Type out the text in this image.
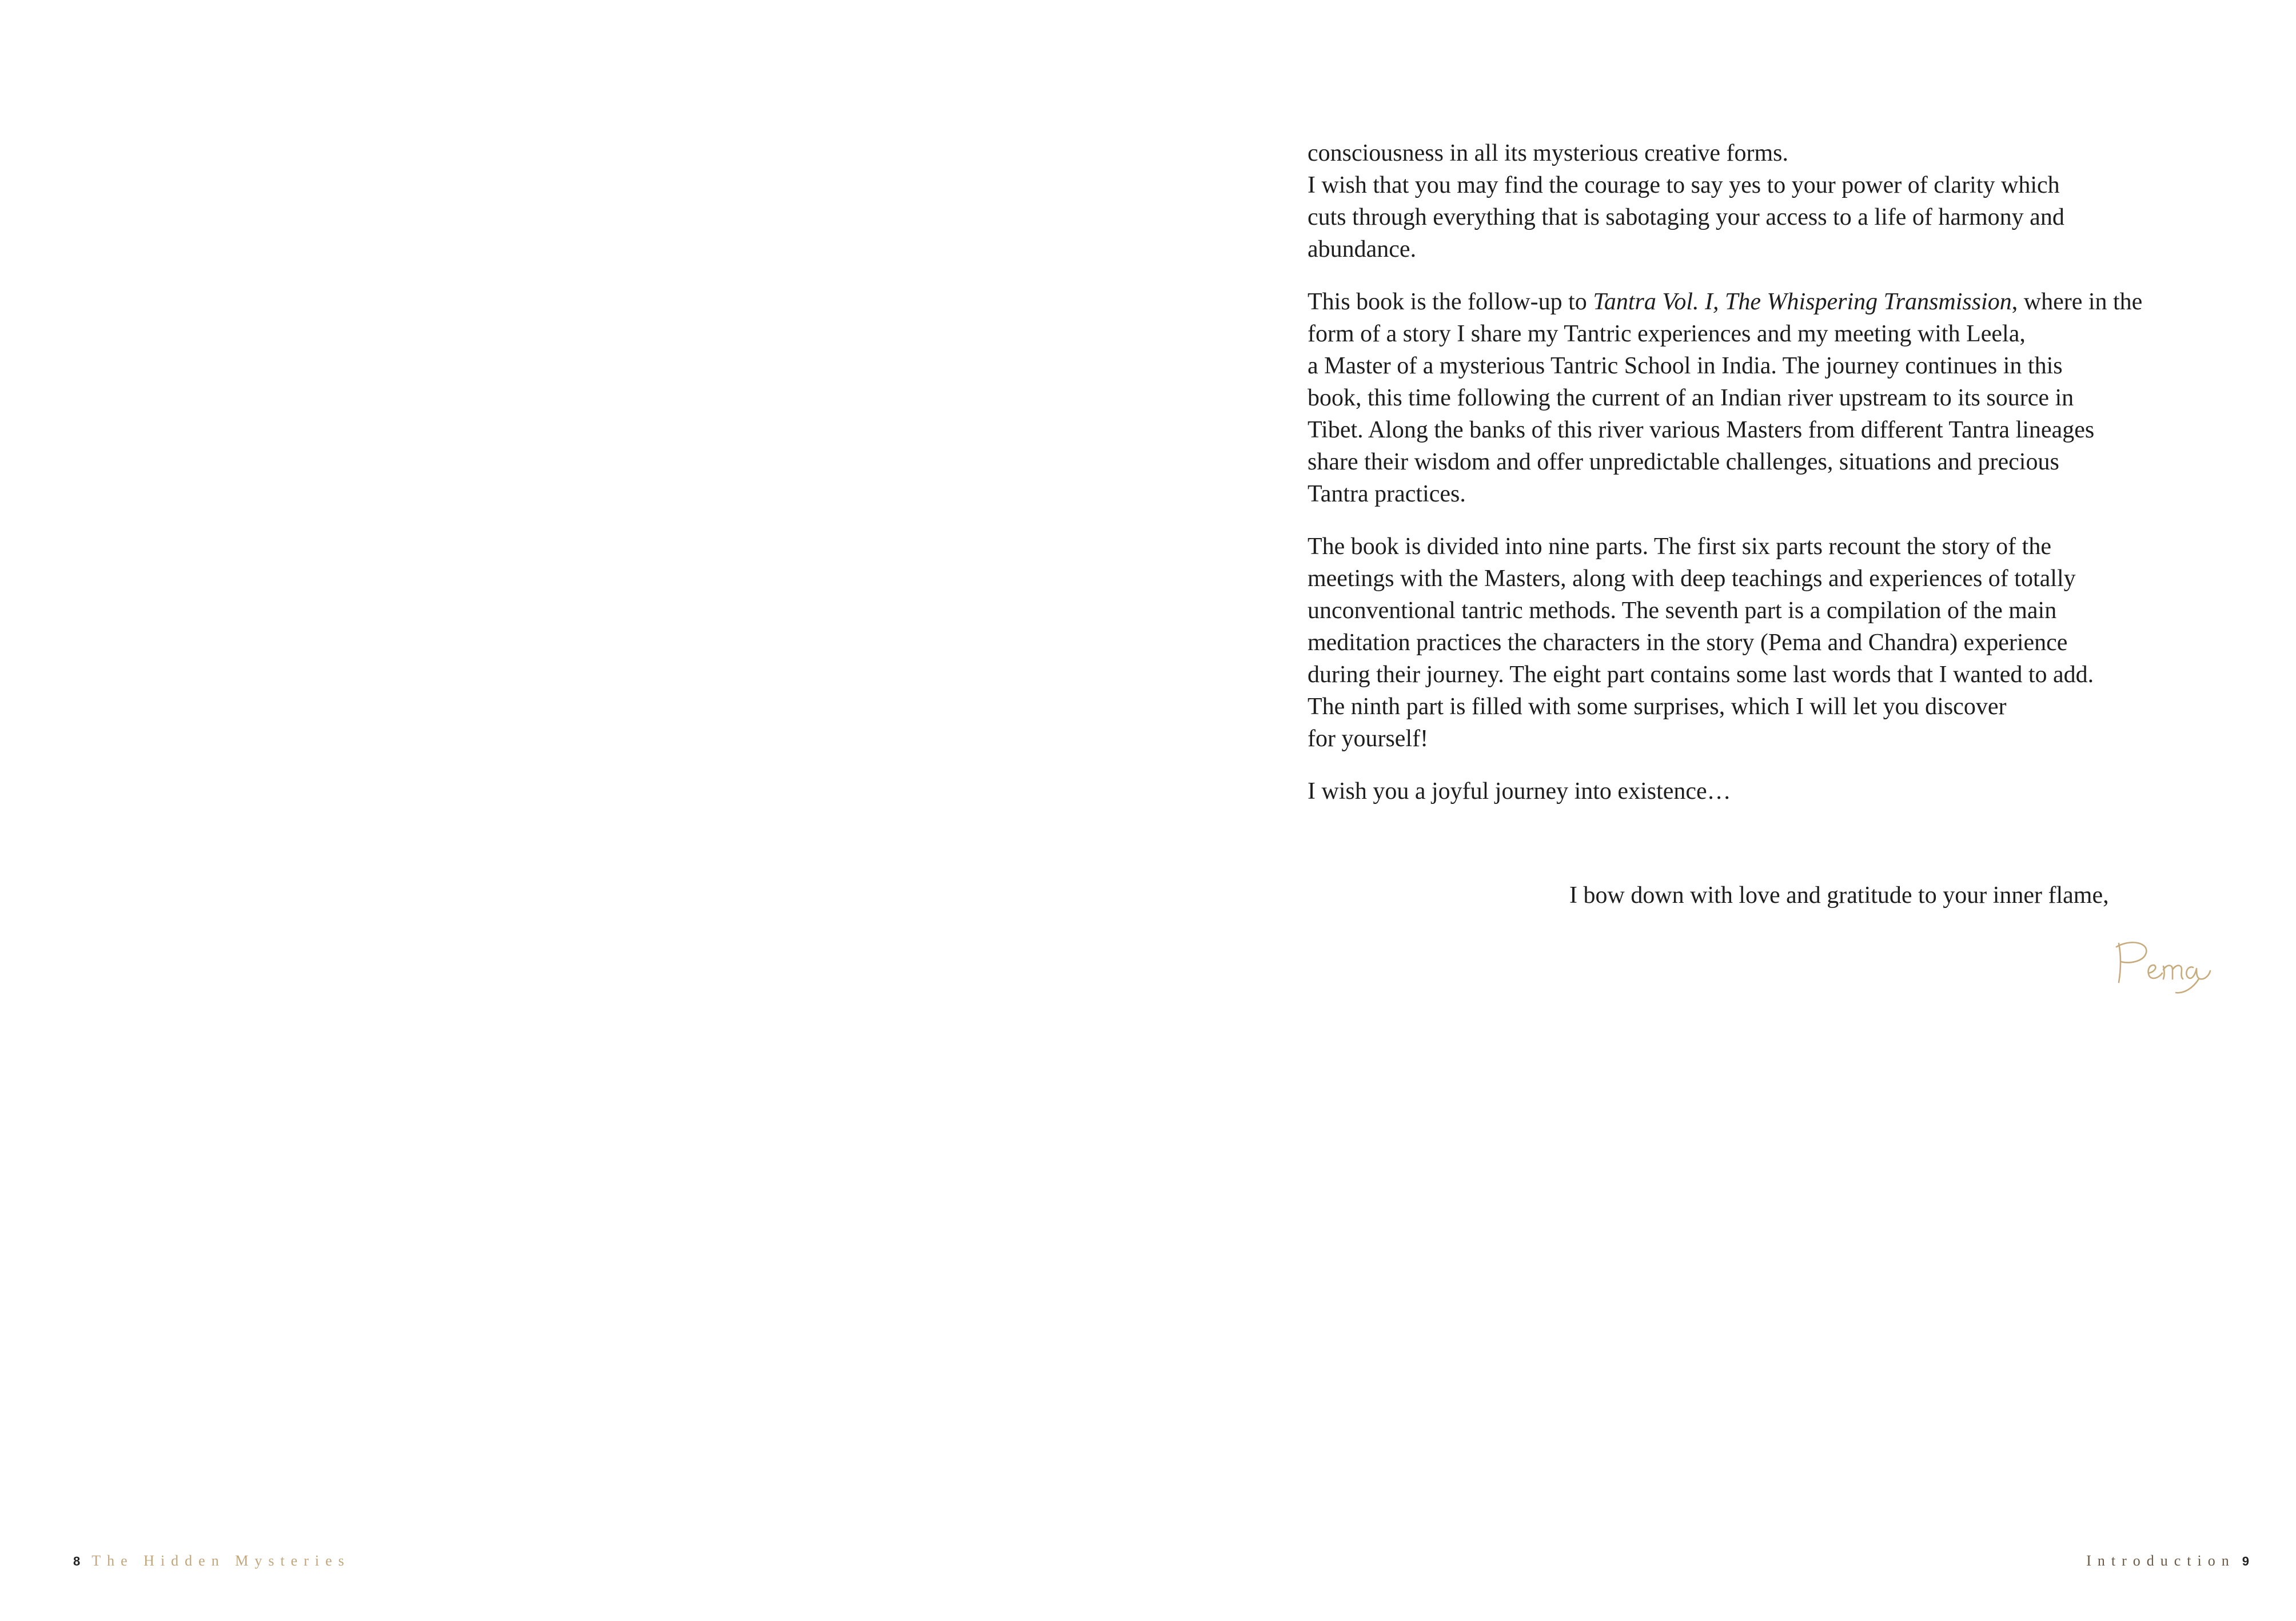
consciousness in all its mysterious creative forms.
I wish that you may find the courage to say yes to your power of clarity which
cuts through everything that is sabotaging your access to a life of harmony and
abundance.

This book is the follow-up to Tantra Vol. I, The Whispering Transmission, where in the
form of a story I share my Tantric experiences and my meeting with Leela,
a Master of a mysterious Tantric School in India. The journey continues in this
book, this time following the current of an Indian river upstream to its source in
Tibet. Along the banks of this river various Masters from different Tantra lineages
share their wisdom and offer unpredictable challenges, situations and precious
Tantra practices.

The book is divided into nine parts. The first six parts recount the story of the
meetings with the Masters, along with deep teachings and experiences of totally
unconventional tantric methods. The seventh part is a compilation of the main
meditation practices the characters in the story (Pema and Chandra) experience
during their journey. The eight part contains some last words that I wanted to add.
The ninth part is filled with some surprises, which I will let you discover
for yourself!

I wish you a joyful journey into existence…

I bow down with love and gratitude to your inner flame,
8 The Hidden Mysteries	Introduction 9
